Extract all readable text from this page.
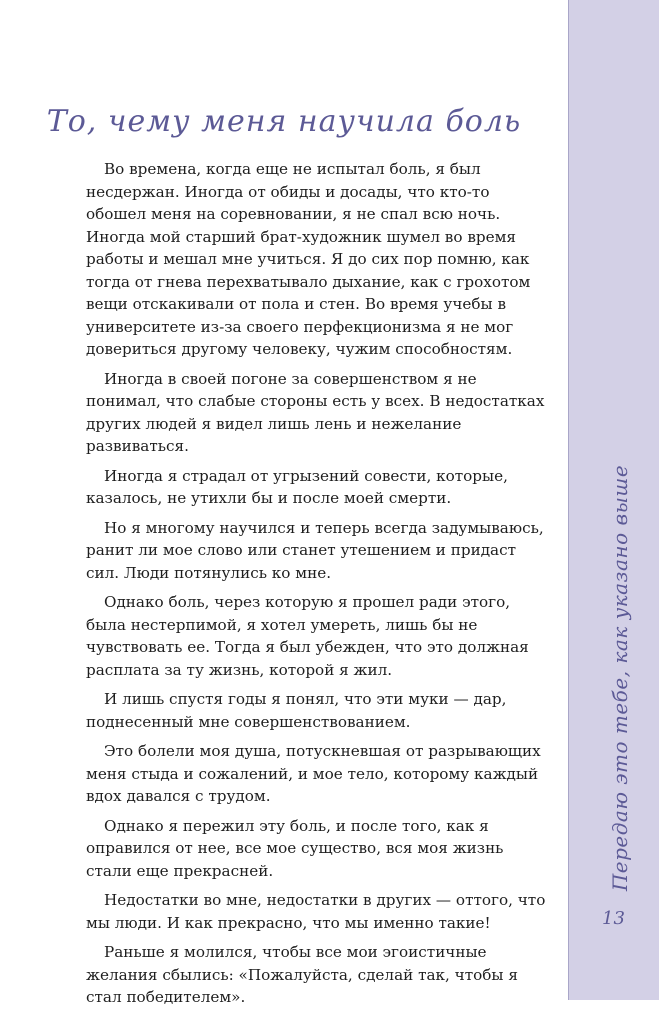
То, чему меня научила боль

Во времена, когда еще не испытал боль, я был несдержан. Иногда от обиды и досады, что кто-то обошел меня на соревновании, я не спал всю ночь. Иногда мой старший брат-художник шумел во время работы и мешал мне учиться. Я до сих пор помню, как тогда от гнева перехватывало дыхание, как с грохотом вещи отскакивали от пола и стен. Во время учебы в университете из-за своего перфекционизма я не мог довериться другому человеку, чужим способностям.

Иногда в своей погоне за совершенством я не понимал, что слабые стороны есть у всех. В недостатках других людей я видел лишь лень и нежелание развиваться.

Иногда я страдал от угрызений совести, которые, казалось, не утихли бы и после моей смерти.

Но я многому научился и теперь всегда задумываюсь, ранит ли мое слово или станет утешением и придаст сил. Люди потянулись ко мне.

Однако боль, через которую я прошел ради этого, была нестерпимой, я хотел умереть, лишь бы не чувствовать ее. Тогда я был убежден, что это должная расплата за ту жизнь, которой я жил.

И лишь спустя годы я понял, что эти муки — дар, поднесенный мне совершенствованием.

Это болели моя душа, потускневшая от разрывающих меня стыда и сожалений, и мое тело, которому каждый вдох давался с трудом.

Однако я пережил эту боль, и после того, как я оправился от нее, все мое существо, вся моя жизнь стали еще прекрасней.

Недостатки во мне, недостатки в других — оттого, что мы люди. И как прекрасно, что мы именно такие!

Раньше я молился, чтобы все мои эгоистичные желания сбылись: «Пожалуйста, сделай так, чтобы я стал победителем».

Передаю это тебе, как указано выше
13
